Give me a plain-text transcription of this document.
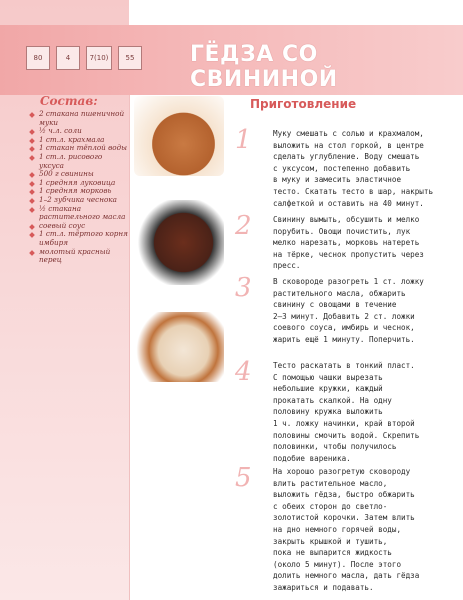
80	4	7(10)	55	ГЁДЗА СО СВИНИНОЙ
Состав:
2 стакана пшеничной муки
½ ч.л. соли
1 ст.л. крахмала
1 стакан тёплой воды
1 ст.л. рисового уксуса
500 г свинины
1 средняя луковица
1 средняя морковь
1–2 зубчика чеснока
½ стакана растительного масла
соевый соус
1 ст.л. тёртого корня имбиря
молотый красный перец
Приготовление
1	Муку смешать с солью и крахмалом,
выложить на стол горкой, в центре
сделать углубление. Воду смешать
с уксусом, постепенно добавить
в муку и замесить эластичное
тесто. Скатать тесто в шар, накрыть
салфеткой и оставить на 40 минут.
2	Свинину вымыть, обсушить и мелко
порубить. Овощи почистить, лук
мелко нарезать, морковь натереть
на тёрке, чеснок пропустить через
пресс.
3	В сковороде разогреть 1 ст. ложку
растительного масла, обжарить
свинину с овощами в течение
2–3 минут. Добавить 2 ст. ложки
соевого соуса, имбирь и чеснок,
жарить ещё 1 минуту. Поперчить.
4	Тесто раскатать в тонкий пласт.
С помощью чашки вырезать
небольшие кружки, каждый
прокатать скалкой. На одну
половину кружка выложить
1 ч. ложку начинки, край второй
половины смочить водой. Скрепить
половинки, чтобы получилось
подобие вареника.
5	На хорошо разогретую сковороду
влить растительное масло,
выложить гёдза, быстро обжарить
с обеих сторон до светло-
золотистой корочки. Затем влить
на дно немного горячей воды,
закрыть крышкой и тушить,
пока не выпарится жидкость
(около 5 минут). После этого
долить немного масла, дать гёдза
зажариться и подавать.
